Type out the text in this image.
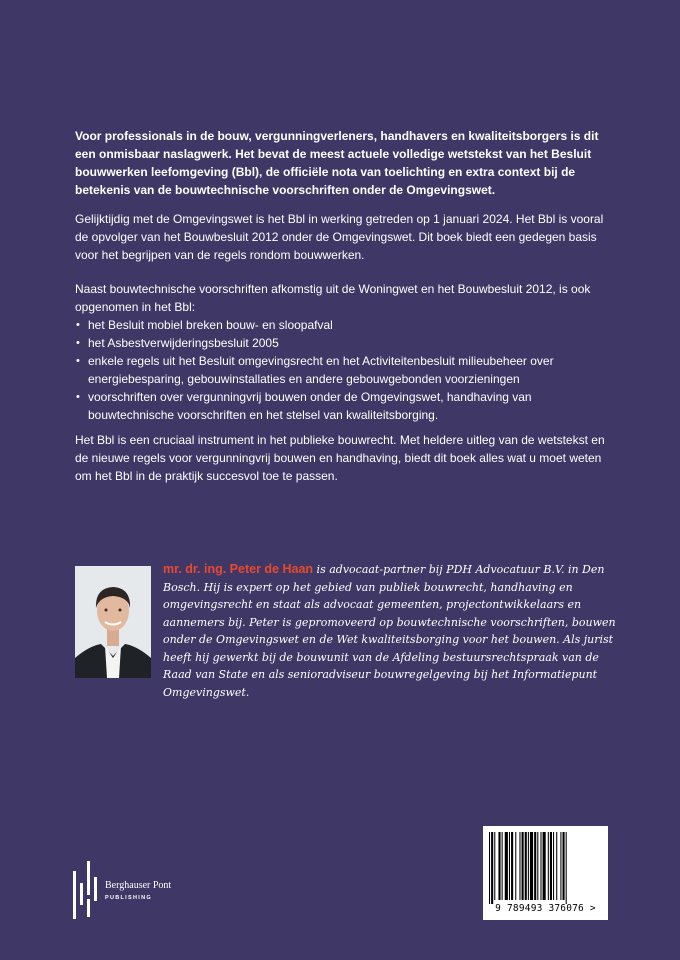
Voor professionals in de bouw, vergunningverleners, handhavers en kwaliteitsborgers is dit een onmisbaar naslagwerk. Het bevat de meest actuele volledige wetstekst van het Besluit bouwwerken leefomgeving (Bbl), de officiële nota van toelichting en extra context bij de betekenis van de bouwtechnische voorschriften onder de Omgevingswet.

Gelijktijdig met de Omgevingswet is het Bbl in werking getreden op 1 januari 2024. Het Bbl is vooral de opvolger van het Bouwbesluit 2012 onder de Omgevingswet. Dit boek biedt een gedegen basis voor het begrijpen van de regels rondom bouwwerken.

Naast bouwtechnische voorschriften afkomstig uit de Woningwet en het Bouwbesluit 2012, is ook opgenomen in het Bbl:

• het Besluit mobiel breken bouw- en sloopafval
• het Asbestverwijderingsbesluit 2005
• enkele regels uit het Besluit omgevingsrecht en het Activiteitenbesluit milieubeheer over energiebesparing, gebouwinstallaties en andere gebouwgebonden voorzieningen
• voorschriften over vergunningvrij bouwen onder de Omgevingswet, handhaving van bouwtechnische voorschriften en het stelsel van kwaliteitsborging.

Het Bbl is een cruciaal instrument in het publieke bouwrecht. Met heldere uitleg van de wetstekst en de nieuwe regels voor vergunningvrij bouwen en handhaving, biedt dit boek alles wat u moet weten om het Bbl in de praktijk succesvol toe te passen.

mr. dr. ing. Peter de Haan is advocaat-partner bij PDH Advocatuur B.V. in Den Bosch. Hij is expert op het gebied van publiek bouwrecht, handhaving en omgevingsrecht en staat als advocaat gemeenten, projectontwikkelaars en aannemers bij. Peter is gepromoveerd op bouwtechnische voorschriften, bouwen onder de Omgevingswet en de Wet kwaliteitsborging voor het bouwen. Als jurist heeft hij gewerkt bij de bouwunit van de Afdeling bestuursrechtspraak van de Raad van State en als senioradviseur bouwregelgeving bij het Informatiepunt Omgevingswet.

Berghauser Pont
PUBLISHING
9 789493 376076 >
